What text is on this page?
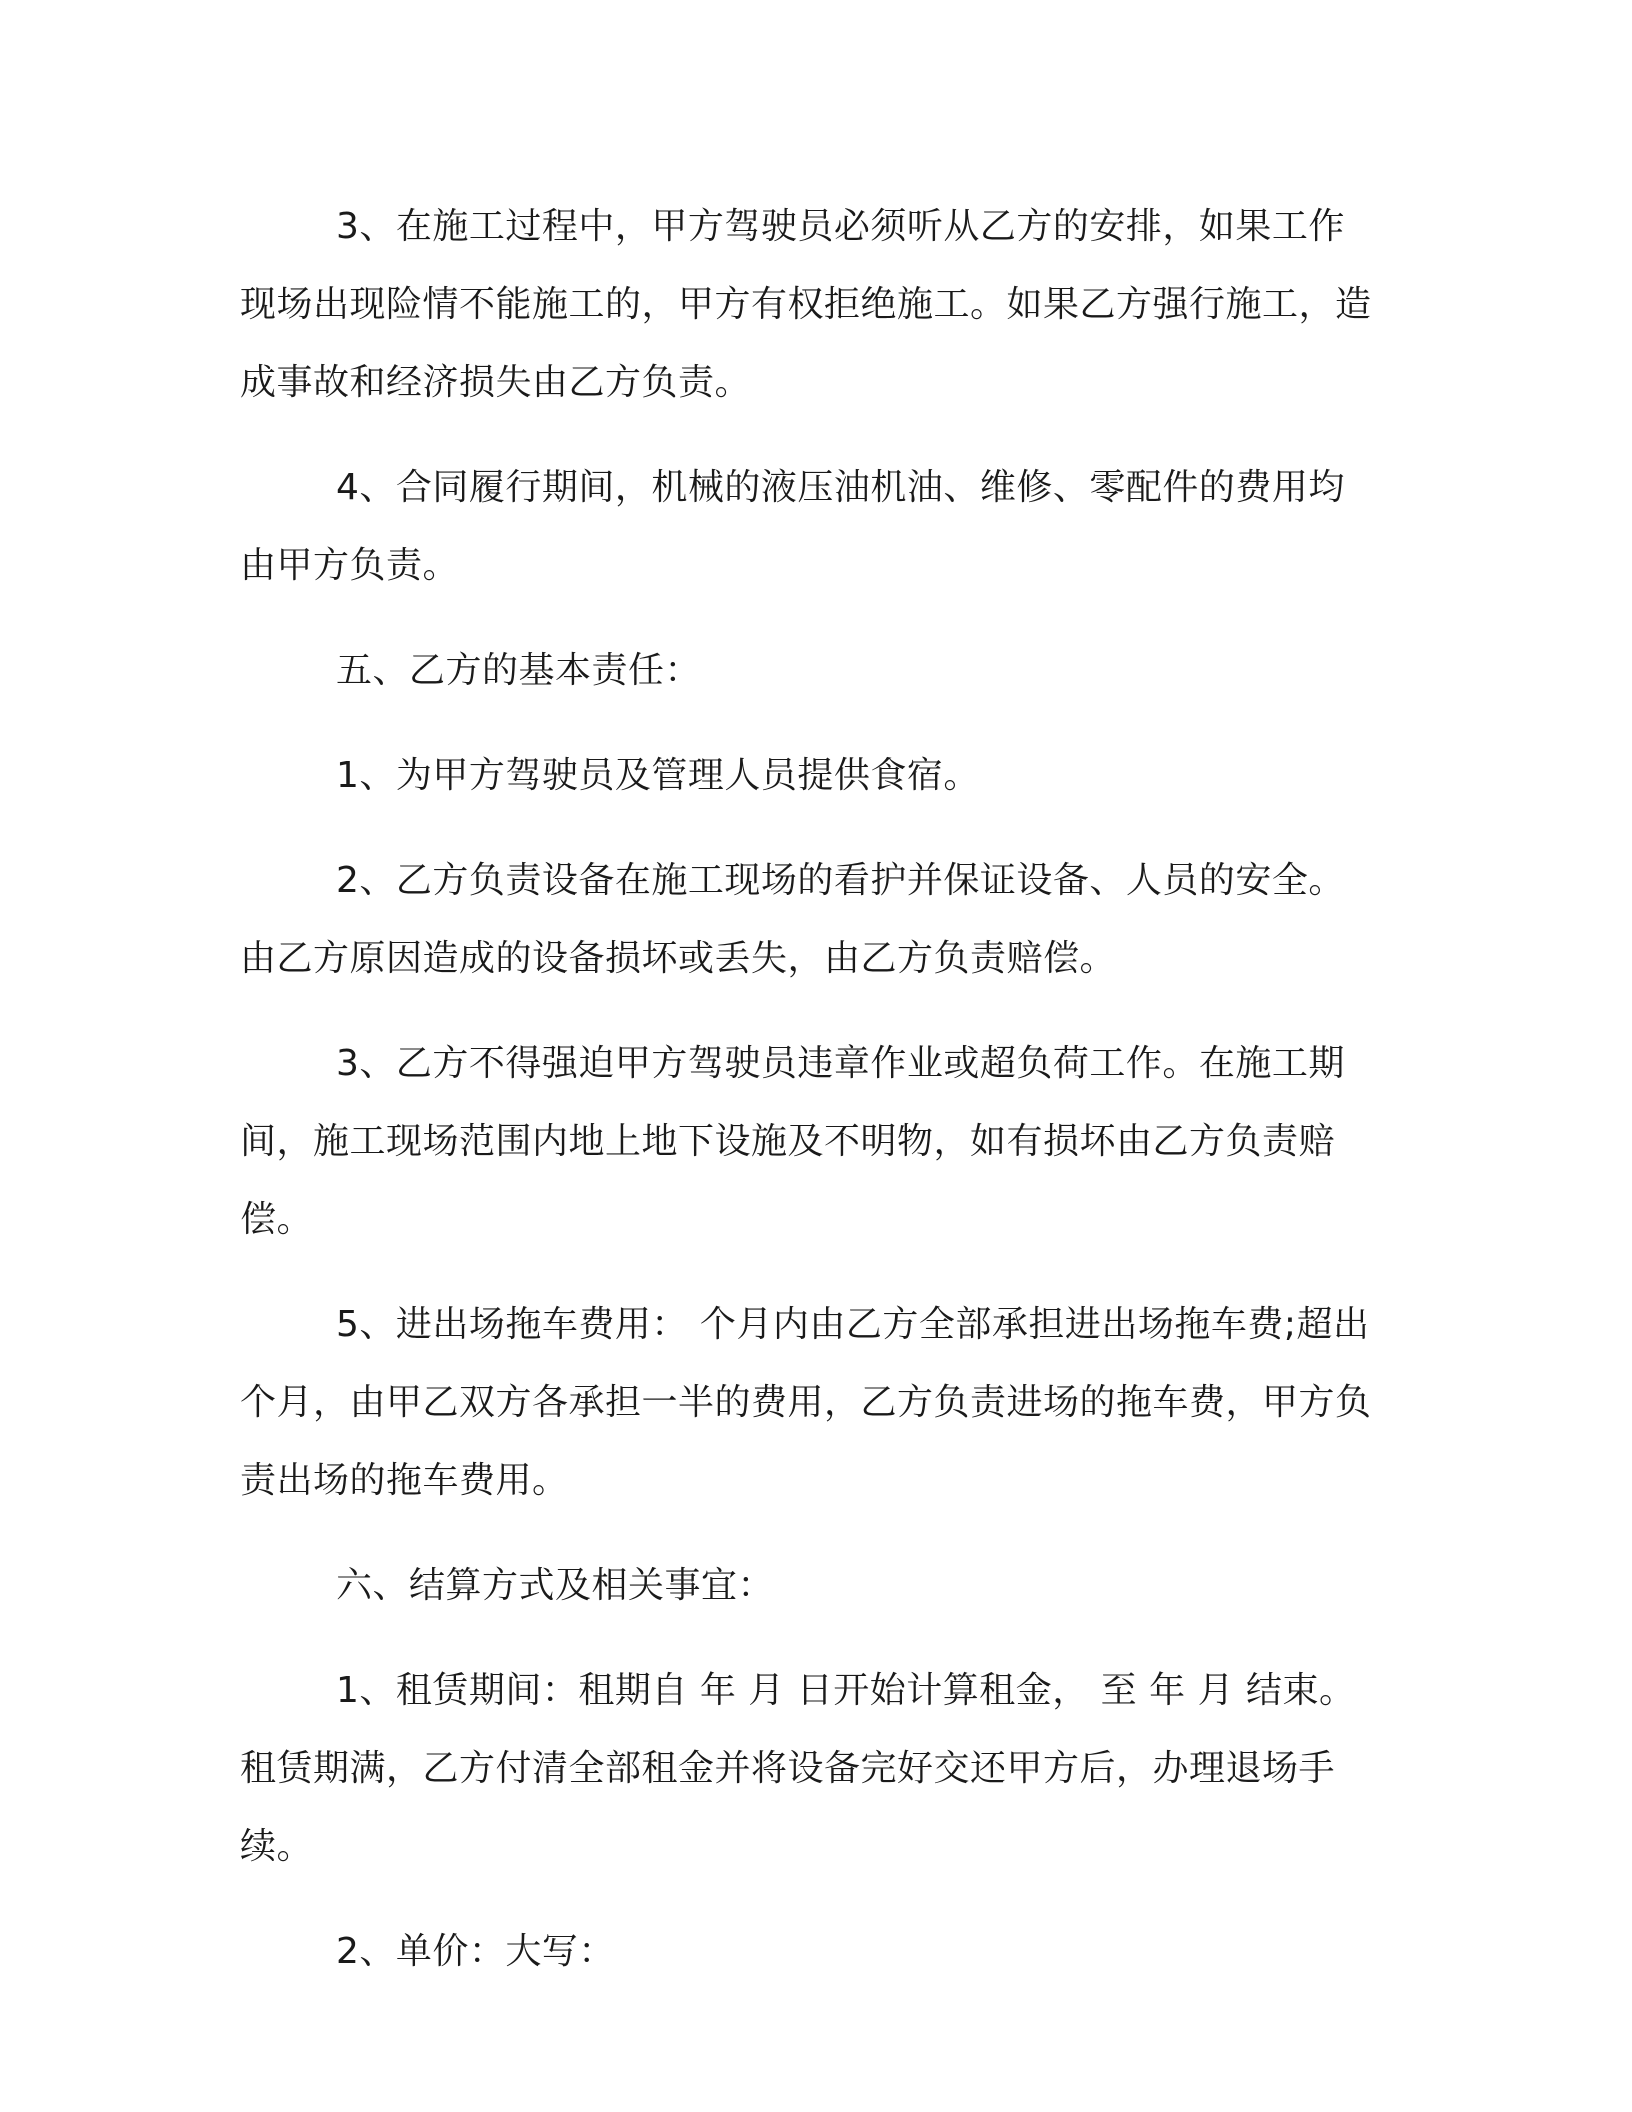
3、在施工过程中，甲方驾驶员必须听从乙方的安排，如果工作现场出现险情不能施工的，甲方有权拒绝施工。如果乙方强行施工，造成事故和经济损失由乙方负责。

4、合同履行期间，机械的液压油机油、维修、零配件的费用均由甲方负责。

五、乙方的基本责任：

1、为甲方驾驶员及管理人员提供食宿。

2、乙方负责设备在施工现场的看护并保证设备、人员的安全。由乙方原因造成的设备损坏或丢失，由乙方负责赔偿。

3、乙方不得强迫甲方驾驶员违章作业或超负荷工作。在施工期间，施工现场范围内地上地下设施及不明物，如有损坏由乙方负责赔偿。

5、进出场拖车费用： 个月内由乙方全部承担进出场拖车费;超出 个月，由甲乙双方各承担一半的费用，乙方负责进场的拖车费，甲方负责出场的拖车费用。

六、结算方式及相关事宜：

1、租赁期间：租期自 年 月 日开始计算租金， 至 年 月 结束。租赁期满，乙方付清全部租金并将设备完好交还甲方后，办理退场手续。

2、单价：大写：
